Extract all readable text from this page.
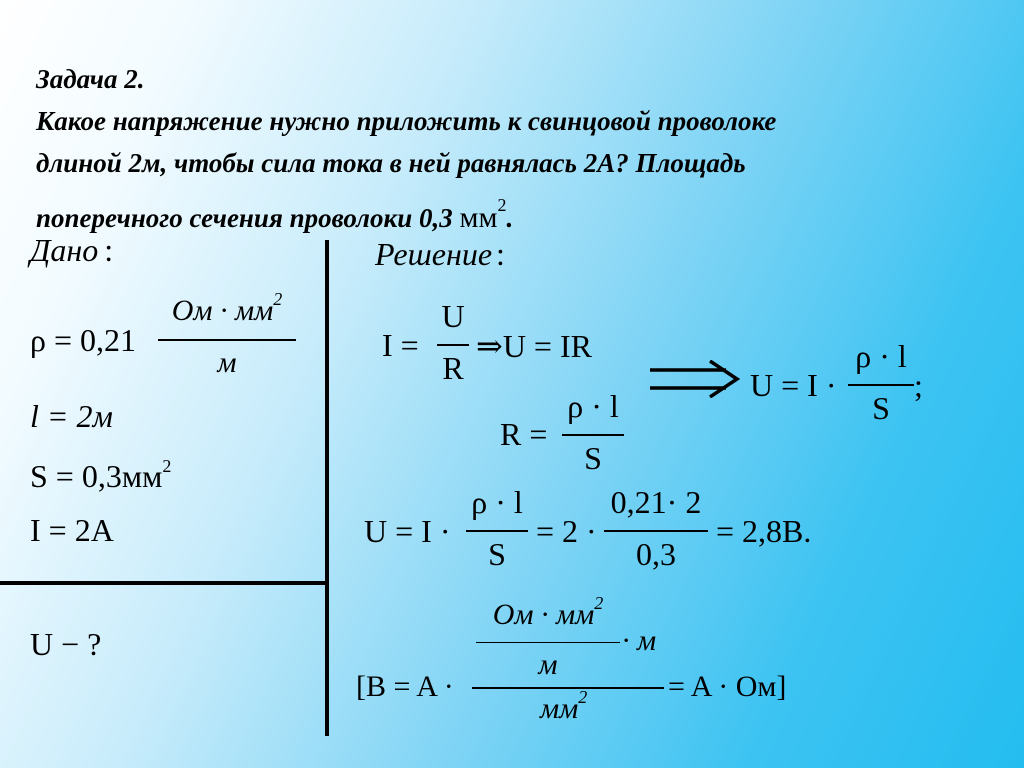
Задача 2.
Какое напряжение нужно приложить к свинцовой проволоке
длиной 2м, чтобы сила тока в ней равнялась 2А? Площадь
поперечного сечения проволоки 0,3 $мм^2$.
Дано :
ρ = 0,21
Ом · $мм^2$
м
l = 2м
$S = 0,3мм^2$
I = 2A
U − ?
Решение :
I =
U
R
⇒U = IR
U = I ·
ρ · l
S
;
R =
ρ · l
S
U = I ·
ρ · l
S
= 2 ·
0,21· 2
0,3
= 2,8B.
[B = A ·
Ом · $мм^2$
м
· м
$мм^2$	= A · Ом]
